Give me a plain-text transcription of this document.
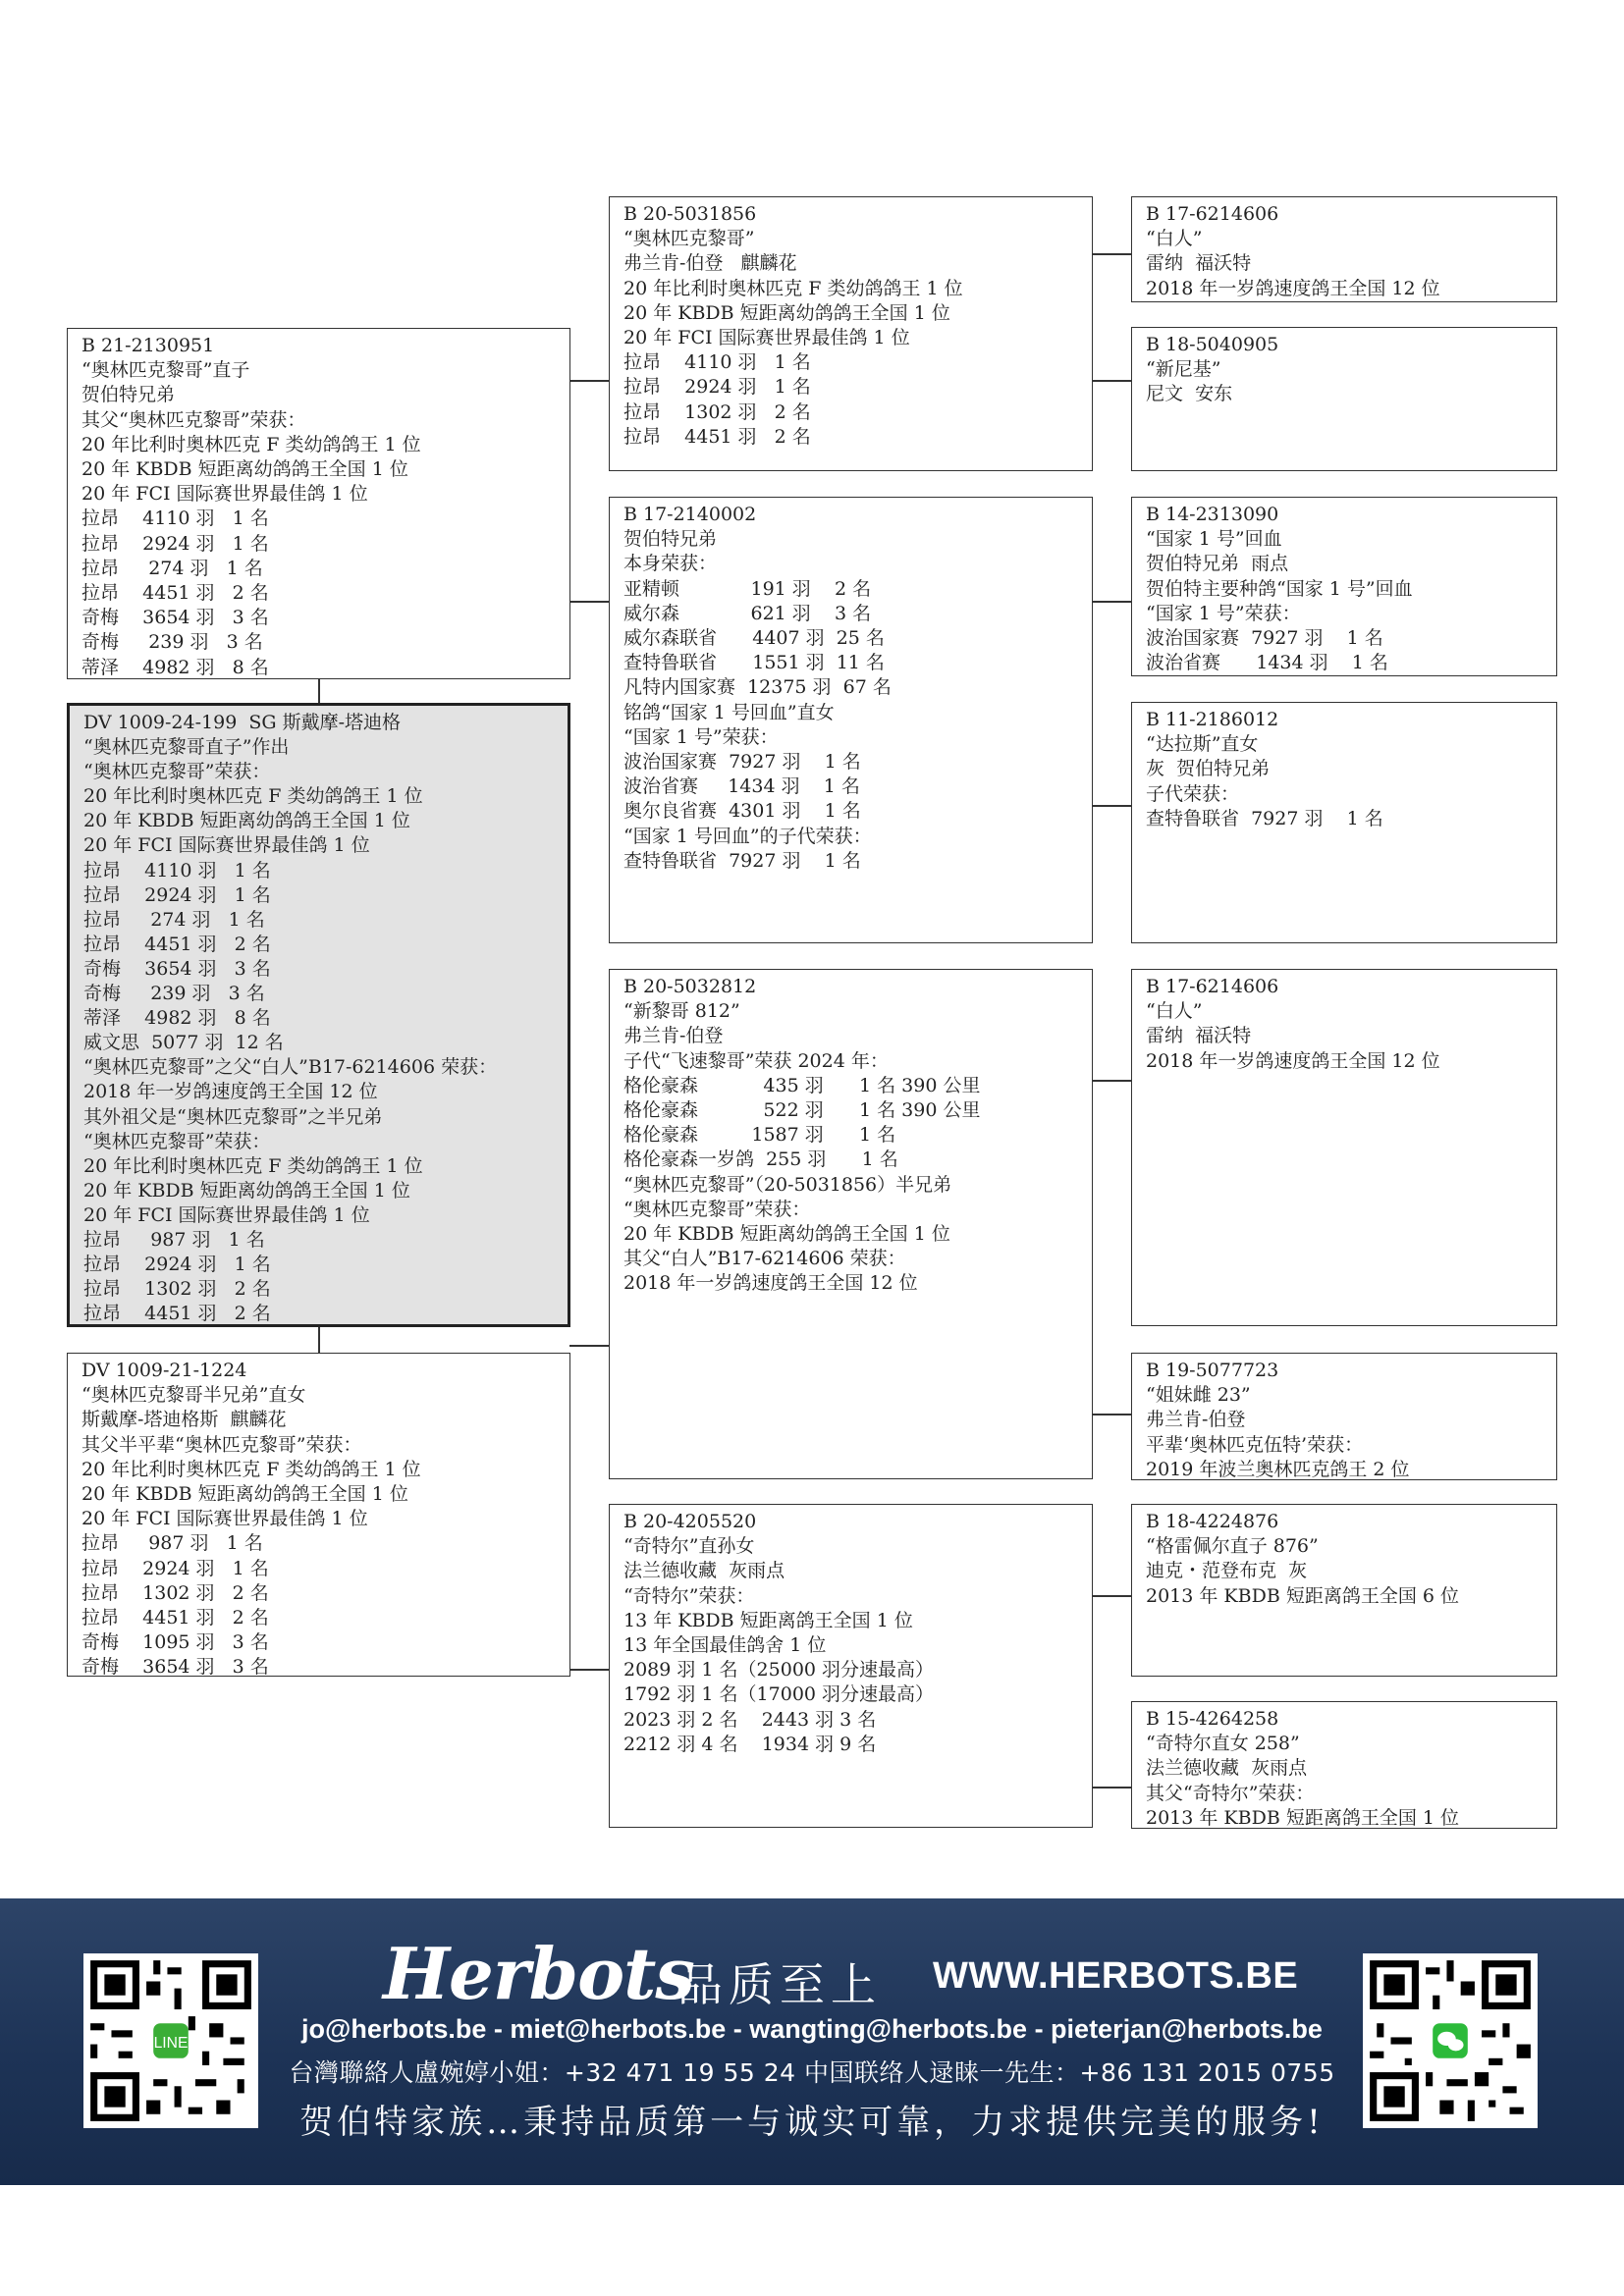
B 21-2130951
“奥林匹克黎哥”直子
贺伯特兄弟
其父“奥林匹克黎哥”荣获：
20 年比利时奥林匹克 F 类幼鸽鸽王 1 位
20 年 KBDB 短距离幼鸽鸽王全国 1 位
20 年 FCI 国际赛世界最佳鸽 1 位
拉昂    4110 羽   1 名
拉昂    2924 羽   1 名
拉昂     274 羽   1 名
拉昂    4451 羽   2 名
奇梅    3654 羽   3 名
奇梅     239 羽   3 名
蒂泽    4982 羽   8 名
DV 1009-24-199  SG 斯戴摩-塔迪格
“奥林匹克黎哥直子”作出
“奥林匹克黎哥”荣获：
20 年比利时奥林匹克 F 类幼鸽鸽王 1 位
20 年 KBDB 短距离幼鸽鸽王全国 1 位
20 年 FCI 国际赛世界最佳鸽 1 位
拉昂    4110 羽   1 名
拉昂    2924 羽   1 名
拉昂     274 羽   1 名
拉昂    4451 羽   2 名
奇梅    3654 羽   3 名
奇梅     239 羽   3 名
蒂泽    4982 羽   8 名
威文思  5077 羽  12 名
“奥林匹克黎哥”之父“白人”B17-6214606 荣获：
2018 年一岁鸽速度鸽王全国 12 位
其外祖父是“奥林匹克黎哥”之半兄弟
“奥林匹克黎哥”荣获：
20 年比利时奥林匹克 F 类幼鸽鸽王 1 位
20 年 KBDB 短距离幼鸽鸽王全国 1 位
20 年 FCI 国际赛世界最佳鸽 1 位
拉昂     987 羽   1 名
拉昂    2924 羽   1 名
拉昂    1302 羽   2 名
拉昂    4451 羽   2 名
DV 1009-21-1224
“奥林匹克黎哥半兄弟”直女
斯戴摩-塔迪格斯  麒麟花
其父半平辈“奥林匹克黎哥”荣获：
20 年比利时奥林匹克 F 类幼鸽鸽王 1 位
20 年 KBDB 短距离幼鸽鸽王全国 1 位
20 年 FCI 国际赛世界最佳鸽 1 位
拉昂     987 羽   1 名
拉昂    2924 羽   1 名
拉昂    1302 羽   2 名
拉昂    4451 羽   2 名
奇梅    1095 羽   3 名
奇梅    3654 羽   3 名
B 20-5031856
“奥林匹克黎哥”
弗兰肯-伯登   麒麟花
20 年比利时奥林匹克 F 类幼鸽鸽王 1 位
20 年 KBDB 短距离幼鸽鸽王全国 1 位
20 年 FCI 国际赛世界最佳鸽 1 位
拉昂    4110 羽   1 名
拉昂    2924 羽   1 名
拉昂    1302 羽   2 名
拉昂    4451 羽   2 名
B 17-2140002
贺伯特兄弟
本身荣获：
亚精顿            191 羽    2 名
威尔森            621 羽    3 名
威尔森联省      4407 羽  25 名
查特鲁联省      1551 羽  11 名
凡特内国家赛  12375 羽  67 名
铭鸽“国家 1 号回血”直女
“国家 1 号”荣获：
波治国家赛  7927 羽    1 名
波治省赛     1434 羽    1 名
奥尔良省赛  4301 羽    1 名
“国家 1 号回血”的子代荣获：
查特鲁联省  7927 羽    1 名
B 20-5032812
“新黎哥 812”
弗兰肯-伯登
子代“飞速黎哥”荣获 2024 年：
格伦豪森           435 羽      1 名 390 公里
格伦豪森           522 羽      1 名 390 公里
格伦豪森         1587 羽      1 名
格伦豪森一岁鸽  255 羽      1 名
“奥林匹克黎哥”（20-5031856）半兄弟
“奥林匹克黎哥”荣获：
20 年 KBDB 短距离幼鸽鸽王全国 1 位
其父“白人”B17-6214606 荣获：
2018 年一岁鸽速度鸽王全国 12 位
B 20-4205520
“奇特尔”直孙女
法兰德收藏  灰雨点
“奇特尔”荣获：
13 年 KBDB 短距离鸽王全国 1 位
13 年全国最佳鸽舍 1 位
2089 羽 1 名（25000 羽分速最高）
1792 羽 1 名（17000 羽分速最高）
2023 羽 2 名    2443 羽 3 名
2212 羽 4 名    1934 羽 9 名
B 17-6214606
“白人”
雷纳  福沃特
2018 年一岁鸽速度鸽王全国 12 位
B 18-5040905
“新尼基”
尼文  安东
B 14-2313090
“国家 1 号”回血
贺伯特兄弟  雨点
贺伯特主要种鸽“国家 1 号”回血
“国家 1 号”荣获：
波治国家赛  7927 羽    1 名
波治省赛      1434 羽    1 名
B 11-2186012
“达拉斯”直女
灰  贺伯特兄弟
子代荣获：
查特鲁联省  7927 羽    1 名
B 17-6214606
“白人”
雷纳  福沃特
2018 年一岁鸽速度鸽王全国 12 位
B 19-5077723
“姐妹雌 23”
弗兰肯-伯登
平辈‘奥林匹克伍特’荣获：
2019 年波兰奥林匹克鸽王 2 位
B 18-4224876
“格雷佩尔直子 876”
迪克・范登布克  灰
2013 年 KBDB 短距离鸽王全国 6 位
B 15-4264258
“奇特尔直女 258”
法兰德收藏  灰雨点
其父“奇特尔”荣获：
2013 年 KBDB 短距离鸽王全国 1 位
LINE
Herbots
品质至上 WWW.HERBOTS.BE
jo@herbots.be - miet@herbots.be - wangting@herbots.be - pieterjan@herbots.be
台灣聯絡人盧婉婷小姐：+32 471 19 55 24 中国联络人逯睐一先生：+86 131 2015 0755
贺伯特家族…秉持品质第一与诚实可靠，力求提供完美的服务!
